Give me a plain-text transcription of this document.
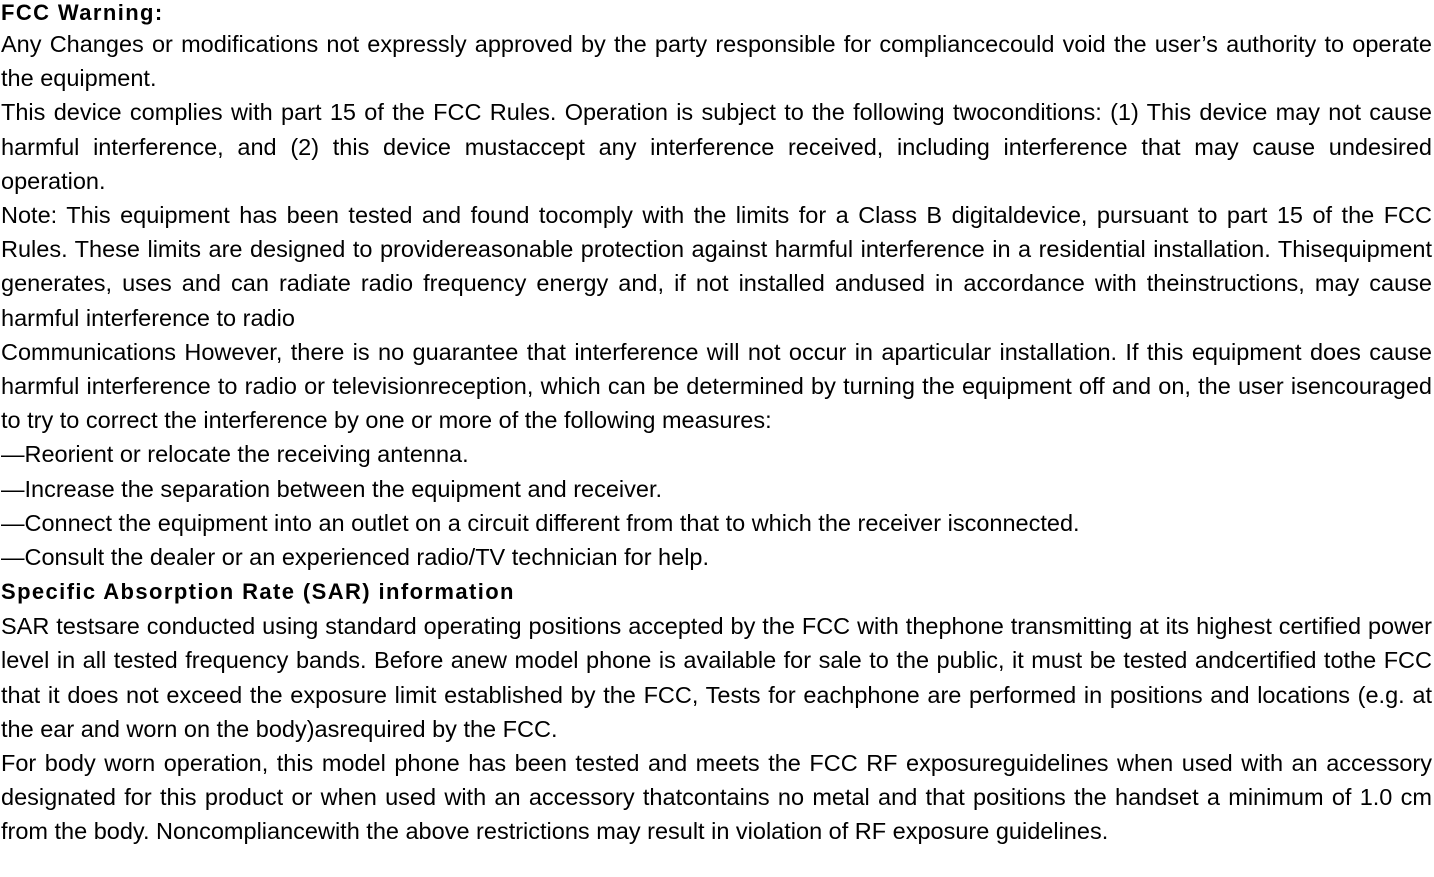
FCC Warning:

Any Changes or modifications not expressly approved by the party responsible for compliancecould void the user’s authority to operate the equipment.

This device complies with part 15 of the FCC Rules. Operation is subject to the following twoconditions: (1) This device may not cause harmful interference, and (2) this device mustaccept any interference received, including interference that may cause undesired operation.

Note: This equipment has been tested and found tocomply with the limits for a Class B digitaldevice, pursuant to part 15 of the FCC Rules. These limits are designed to providereasonable protection against harmful interference in a residential installation. Thisequipment generates, uses and can radiate radio frequency energy and, if not installed andused in accordance with theinstructions, may cause harmful interference to radio

Communications However, there is no guarantee that interference will not occur in aparticular installation. If this equipment does cause harmful interference to radio or televisionreception, which can be determined by turning the equipment off and on, the user isencouraged to try to correct the interference by one or more of the following measures:

—Reorient or relocate the receiving antenna.

—Increase the separation between the equipment and receiver.

—Connect the equipment into an outlet on a circuit different from that to which the receiver isconnected.

—Consult the dealer or an experienced radio/TV technician for help.

Specific Absorption Rate (SAR) information

SAR testsare conducted using standard operating positions accepted by the FCC with thephone transmitting at its highest certified power level in all tested frequency bands. Before anew model phone is available for sale to the public, it must be tested andcertified tothe FCC that it does not exceed the exposure limit established by the FCC, Tests for eachphone are performed in positions and locations (e.g. at the ear and worn on the body)asrequired by the FCC.

For body worn operation, this model phone has been tested and meets the FCC RF exposureguidelines when used with an accessory designated for this product or when used with an accessory thatcontains no metal and that positions the handset a minimum of 1.0 cm from the body. Noncompliancewith the above restrictions may result in violation of RF exposure guidelines.
